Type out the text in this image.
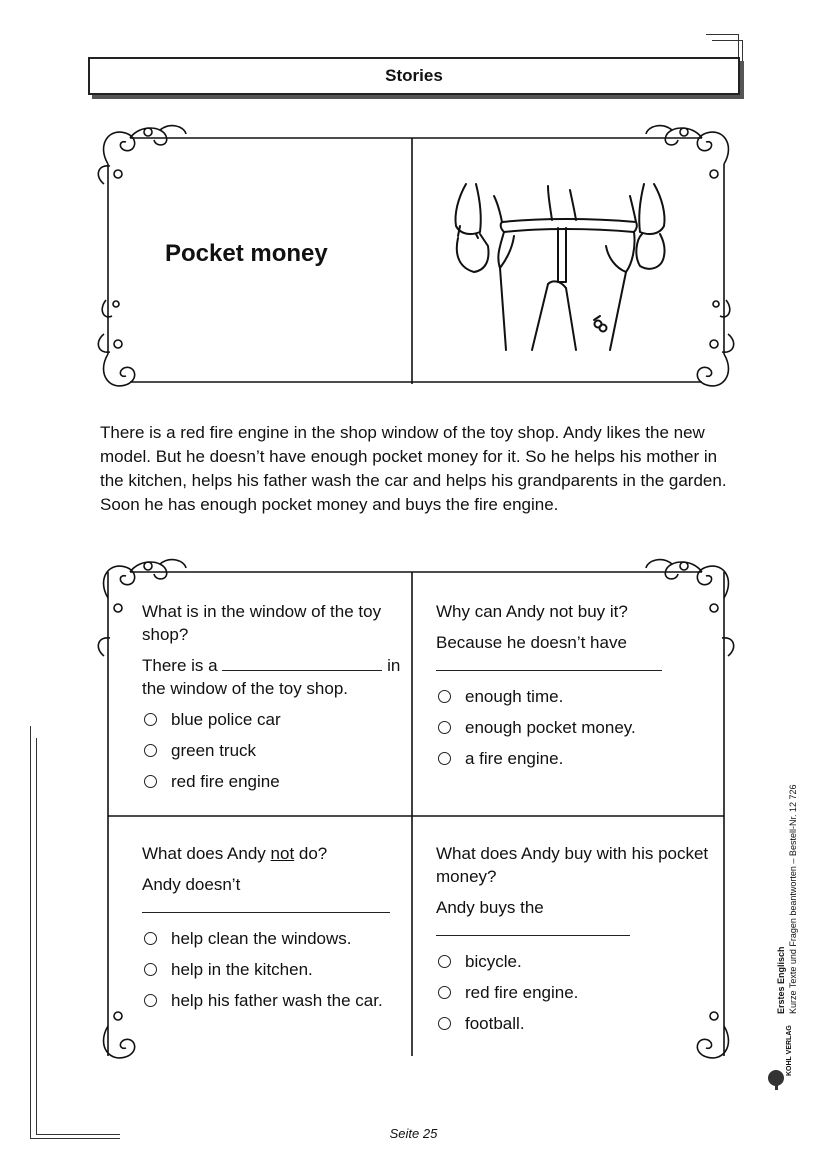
Stories
Pocket money
There is a red fire engine in the shop window of the toy shop. Andy likes the new model. But he doesn’t have enough pocket money for it. So he helps his mother in the kitchen, helps his father wash the car and helps his grandparents in the garden. Soon he has enough pocket money and buys the fire engine.

What is in the window of the toy shop?

There is a	in the window of the toy shop.

blue police car
green truck
red fire engine

Why can Andy not buy it?

Because he doesn’t have

enough time.
enough pocket money.
a fire engine.

What does Andy not do?

Andy doesn’t

help clean the windows.
help in the kitchen.
help his father wash the car.

What does Andy buy with his pocket money?

Andy buys the

bicycle.
red fire engine.
football.
Erstes Englisch Kurze Texte und Fragen beantworten – Bestell-Nr. 12 726
KOHL VERLAG
Seite 25
